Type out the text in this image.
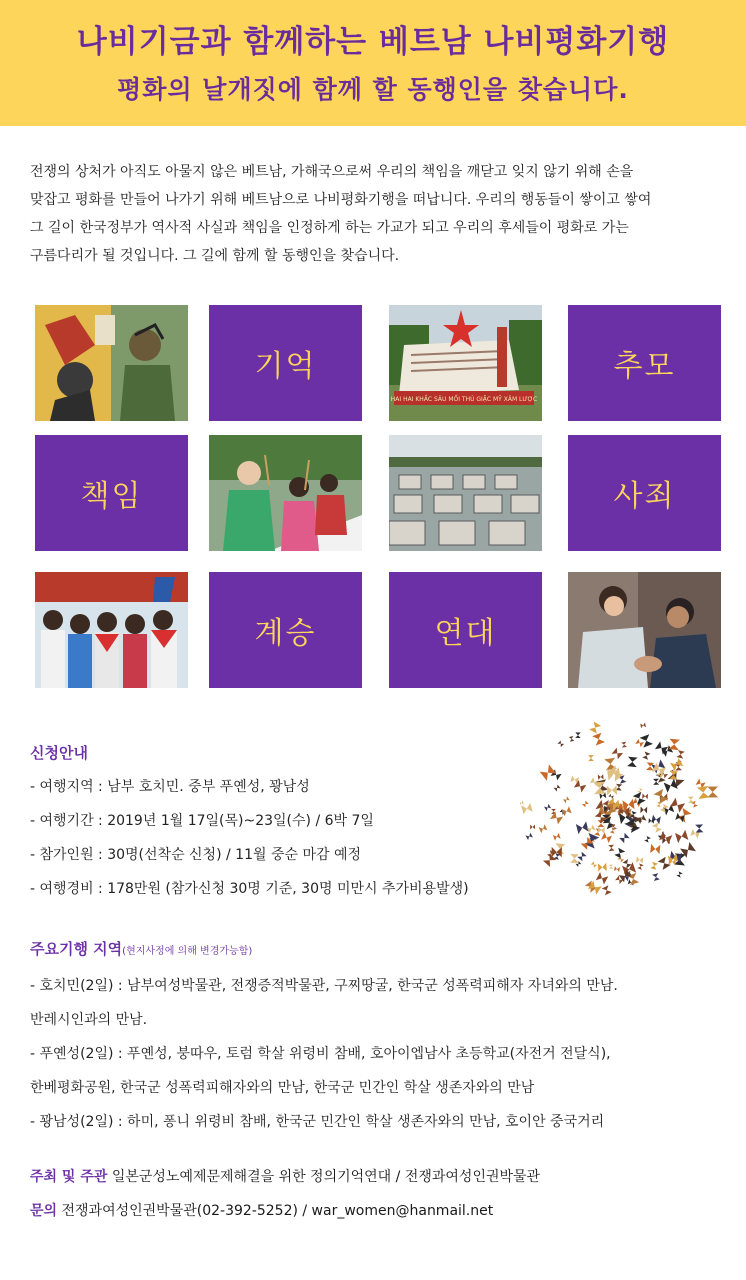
나비기금과 함께하는 베트남 나비평화기행
평화의 날개짓에 함께 할 동행인을 찾습니다.
전쟁의 상처가 아직도 아물지 않은 베트남, 가해국으로써 우리의 책임을 깨닫고 잊지 않기 위해 손을
맞잡고 평화를 만들어 나가기 위해 베트남으로 나비평화기행을 떠납니다. 우리의 행동들이 쌓이고 쌓여
그 길이 한국정부가 역사적 사실과 책임을 인정하게 하는 가교가 되고 우리의 후세들이 평화로 가는
구름다리가 될 것입니다. 그 길에 함께 할 동행인을 찾습니다.
기억
HAI HAI KHẮC SÂU MỐI THÙ GIẶC MỸ XÂM LƯỢC
추모
책임	사죄
계승	연대
신청안내
- 여행지역 : 남부 호치민. 중부 푸옌성, 꽝남성
- 여행기간 : 2019년 1월 17일(목)~23일(수) / 6박 7일
- 참가인원 : 30명(선착순 신청) / 11월 중순 마감 예정
- 여행경비 : 178만원 (참가신청 30명 기준, 30명 미만시 추가비용발생)
주요기행 지역(현지사정에 의해 변경가능함)
- 호치민(2일) : 남부여성박물관, 전쟁증적박물관, 구찌땅굴, 한국군 성폭력피해자 자녀와의 만남.
반레시인과의 만남.
- 푸옌성(2일) : 푸옌성, 붕따우, 토럼 학살 위령비 참배, 호아이엡남사 초등학교(자전거 전달식),
한베평화공원, 한국군 성폭력피해자와의 만남, 한국군 민간인 학살 생존자와의 만남
- 꽝남성(2일) : 하미, 퐁니 위령비 참배, 한국군 민간인 학살 생존자와의 만남, 호이안 중국거리
주최 및 주관 일본군성노예제문제해결을 위한 정의기억연대 / 전쟁과여성인권박물관
문의 전쟁과여성인권박물관(02-392-5252) / war_women@hanmail.net
